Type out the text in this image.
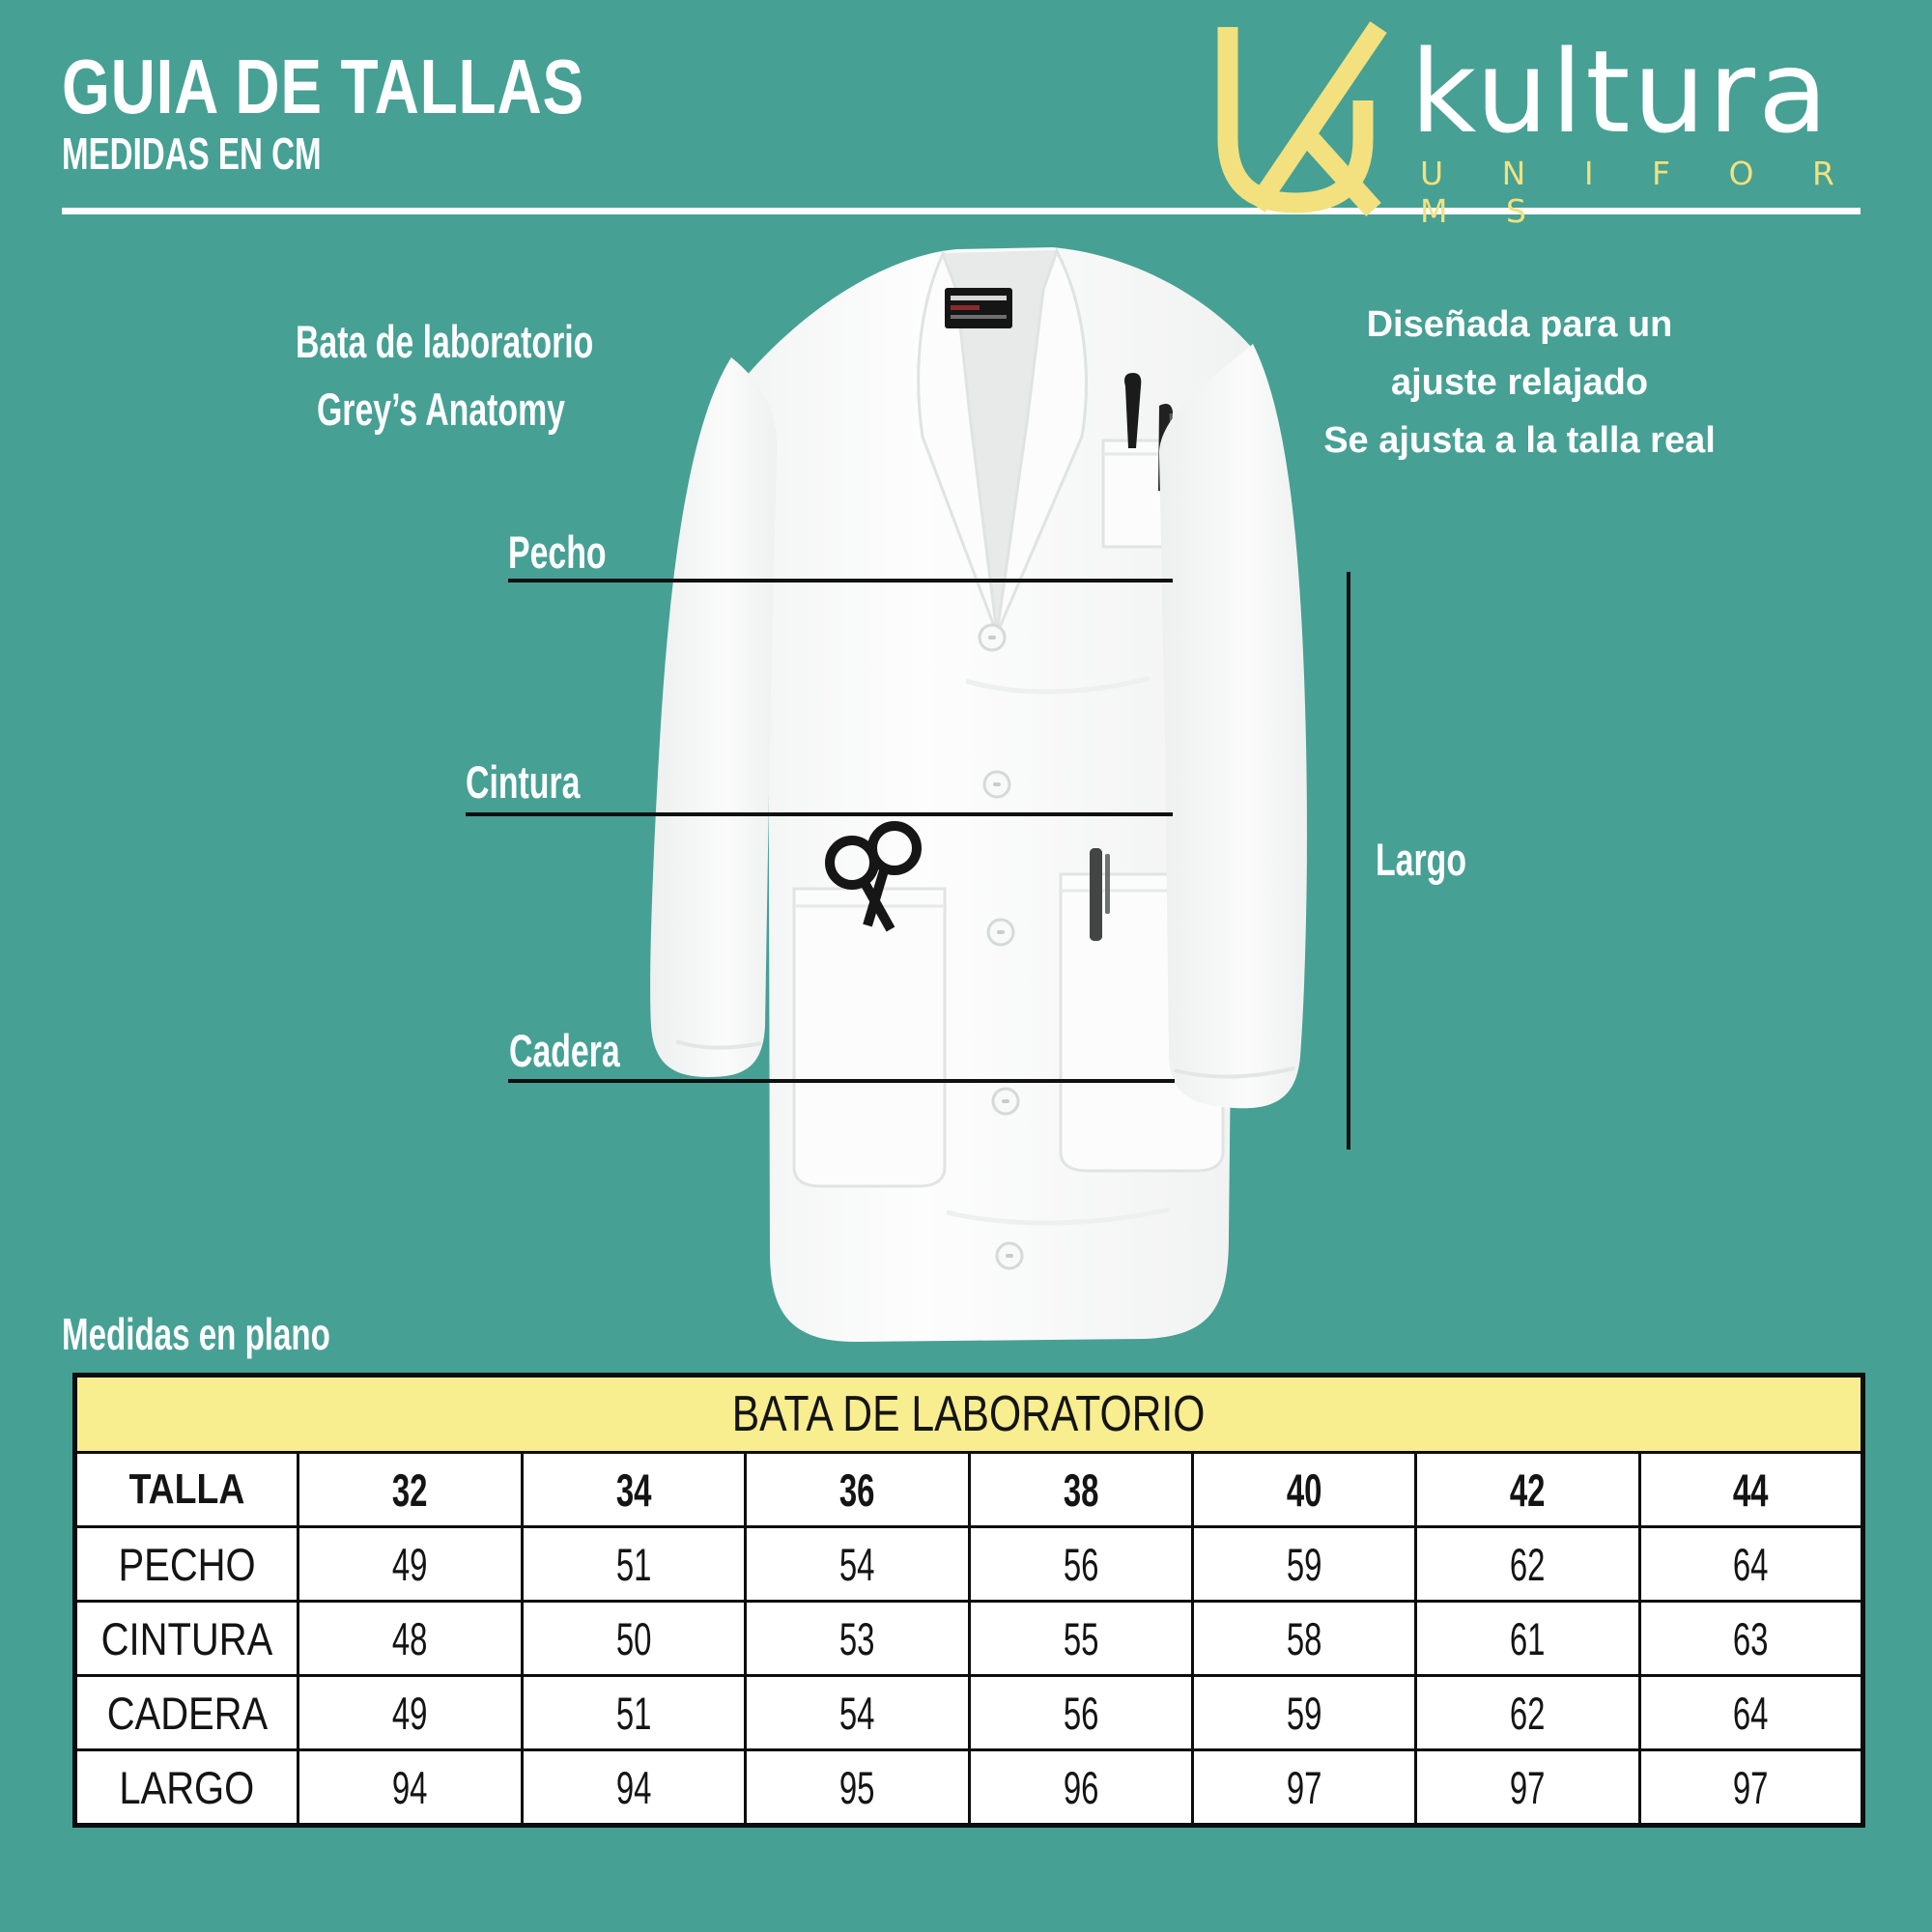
GUIA DE TALLAS
MEDIDAS EN CM	kultura
U N I F O R M S
Bata de laboratorio
Grey’s Anatomy
Diseñada para un
ajuste relajado
Se ajusta a la talla real
Pecho
Cintura
Cadera
Largo
Medidas en plano
BATA DE LABORATORIO							
TALLA	32	34	36	38	40	42	44
PECHO	49	51	54	56	59	62	64
CINTURA	48	50	53	55	58	61	63
CADERA	49	51	54	56	59	62	64
LARGO	94	94	95	96	97	97	97
